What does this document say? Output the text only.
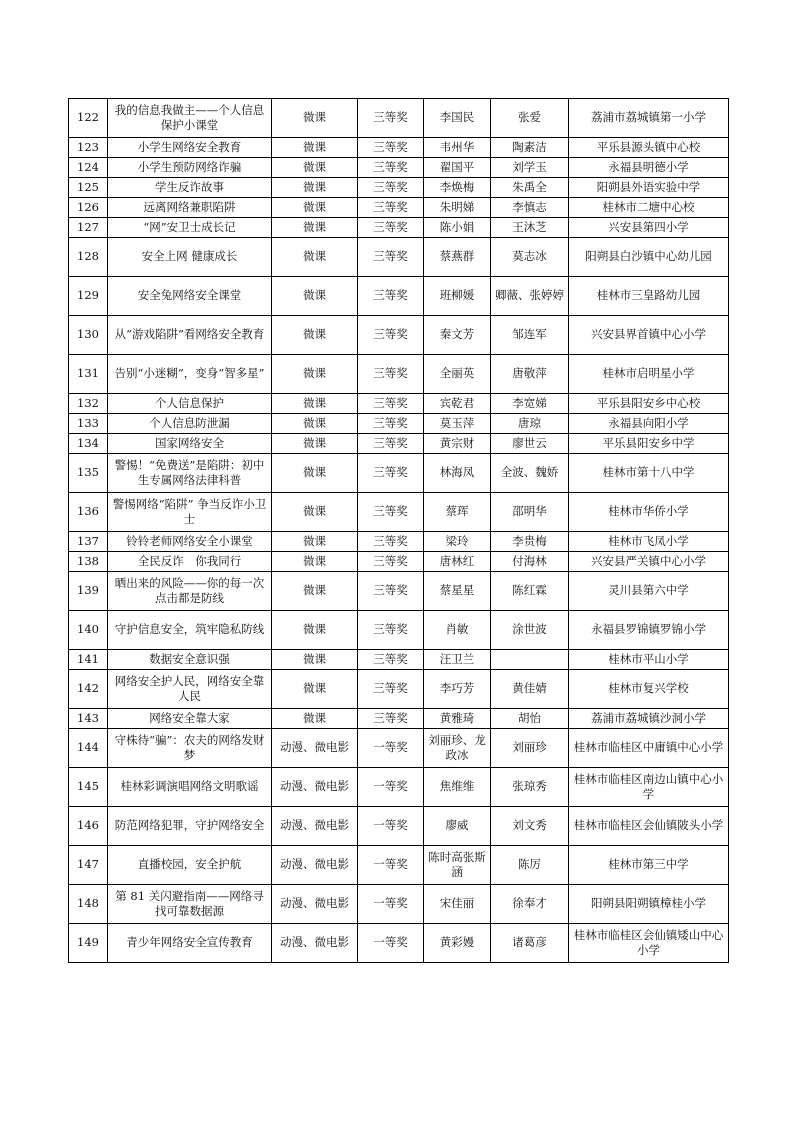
122	我的信息我做主——个人信息保护小课堂	微课	三等奖	李国民	张爱	荔浦市荔城镇第一小学
123	小学生网络安全教育	微课	三等奖	韦州华	陶素洁	平乐县源头镇中心校
124	小学生预防网络诈骗	微课	三等奖	翟国平	刘学玉	永福县明德小学
125	学生反诈故事	微课	三等奖	李焕梅	朱禹全	阳朔县外语实验中学
126	远离网络兼职陷阱	微课	三等奖	朱明娣	李慎志	桂林市二塘中心校
127	“网”安卫士成长记	微课	三等奖	陈小娟	王沐芝	兴安县第四小学
128	安全上网 健康成长	微课	三等奖	蔡燕群	莫志冰	阳朔县白沙镇中心幼儿园
129	安全兔网络安全课堂	微课	三等奖	班柳媛	卿薇、张婷婷	桂林市三皇路幼儿园
130	从“游戏陷阱”看网络安全教育	微课	三等奖	秦文芳	邹连军	兴安县界首镇中心小学
131	告别“小迷糊”，变身“智多星”	微课	三等奖	全丽英	唐敬萍	桂林市启明星小学
132	个人信息保护	微课	三等奖	宾乾君	李宽娣	平乐县阳安乡中心校
133	个人信息防泄漏	微课	三等奖	莫玉萍	唐琼	永福县向阳小学
134	国家网络安全	微课	三等奖	黄宗财	廖世云	平乐县阳安乡中学
135	警惕！“免费送”是陷阱：初中生专属网络法律科普	微课	三等奖	林海凤	全波、魏娇	桂林市第十八中学
136	警惕网络“陷阱” 争当反诈小卫士	微课	三等奖	蔡珲	邵明华	桂林市华侨小学
137	铃铃老师网络安全小课堂	微课	三等奖	梁玲	李贵梅	桂林市飞凤小学
138	全民反诈　你我同行	微课	三等奖	唐林红	付海林	兴安县严关镇中心小学
139	晒出来的风险——你的每一次点击都是防线	微课	三等奖	蔡星星	陈红霖	灵川县第六中学
140	守护信息安全，筑牢隐私防线	微课	三等奖	肖敏	涂世波	永福县罗锦镇罗锦小学
141	数据安全意识强	微课	三等奖	汪卫兰		桂林市平山小学
142	网络安全护人民，网络安全靠人民	微课	三等奖	李巧芳	黄佳婧	桂林市复兴学校
143	网络安全靠大家	微课	三等奖	黄雅琦	胡怡	荔浦市荔城镇沙洞小学
144	守株待“骗”：农夫的网络发财梦	动漫、微电影	一等奖	刘丽珍、龙政冰	刘丽珍	桂林市临桂区中庸镇中心小学
145	桂林彩调演唱网络文明歌谣	动漫、微电影	一等奖	焦维维	张琼秀	桂林市临桂区南边山镇中心小学
146	防范网络犯罪，守护网络安全	动漫、微电影	一等奖	廖威	刘文秀	桂林市临桂区会仙镇陂头小学
147	直播校园，安全护航	动漫、微电影	一等奖	陈时高张斯涵	陈厉	桂林市第三中学
148	第 81 关闪避指南——网络寻找可靠数据源	动漫、微电影	一等奖	宋佳丽	徐奉才	阳朔县阳朔镇樟桂小学
149	青少年网络安全宣传教育	动漫、微电影	一等奖	黄彩嫚	诸葛彦	桂林市临桂区会仙镇矮山中心小学
